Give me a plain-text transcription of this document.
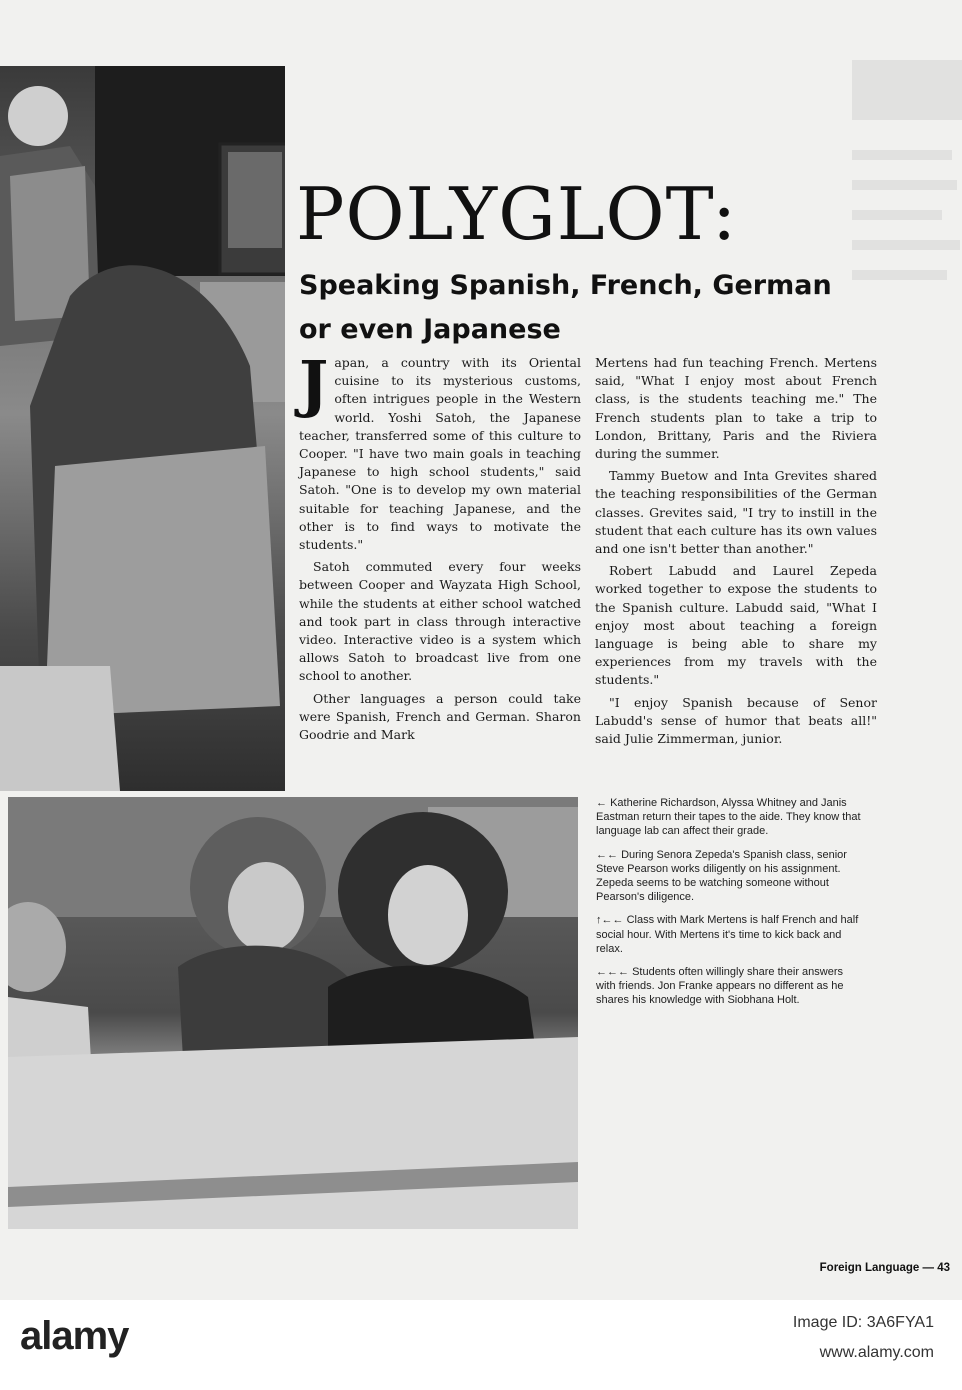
POLYGLOT:
Speaking Spanish, French, German or even Japanese

Japan, a country with its Oriental cuisine to its mysterious customs, often intrigues people in the Western world. Yoshi Satoh, the Japanese teacher, transferred some of this culture to Cooper. "I have two main goals in teaching Japanese to high school students," said Satoh. "One is to develop my own material suitable for teaching Japanese, and the other is to find ways to motivate the students."

Satoh commuted every four weeks between Cooper and Wayzata High School, while the students at either school watched and took part in class through interactive video. Interactive video is a system which allows Satoh to broadcast live from one school to another.

Other languages a person could take were Spanish, French and German. Sharon Goodrie and Mark

Mertens had fun teaching French. Mertens said, "What I enjoy most about French class, is the students teaching me." The French students plan to take a trip to London, Brittany, Paris and the Riviera during the summer.

Tammy Buetow and Inta Grevites shared the teaching responsibilities of the German classes. Grevites said, "I try to instill in the student that each culture has its own values and one isn't better than another."

Robert Labudd and Laurel Zepeda worked together to expose the students to the Spanish culture. Labudd said, "What I enjoy most about teaching a foreign language is being able to share my experiences from my travels with the students."

"I enjoy Spanish because of Senor Labudd's sense of humor that beats all!" said Julie Zimmerman, junior.

← Katherine Richardson, Alyssa Whitney and Janis Eastman return their tapes to the aide. They know that language lab can affect their grade.

←← During Senora Zepeda's Spanish class, senior Steve Pearson works diligently on his assignment. Zepeda seems to be watching someone without Pearson's diligence.

↑←← Class with Mark Mertens is half French and half social hour. With Mertens it's time to kick back and relax.

←←← Students often willingly share their answers with friends. Jon Franke appears no different as he shares his knowledge with Siobhana Holt.

Foreign Language — 43
alamy	Image ID: 3A6FYA1
www.alamy.com
